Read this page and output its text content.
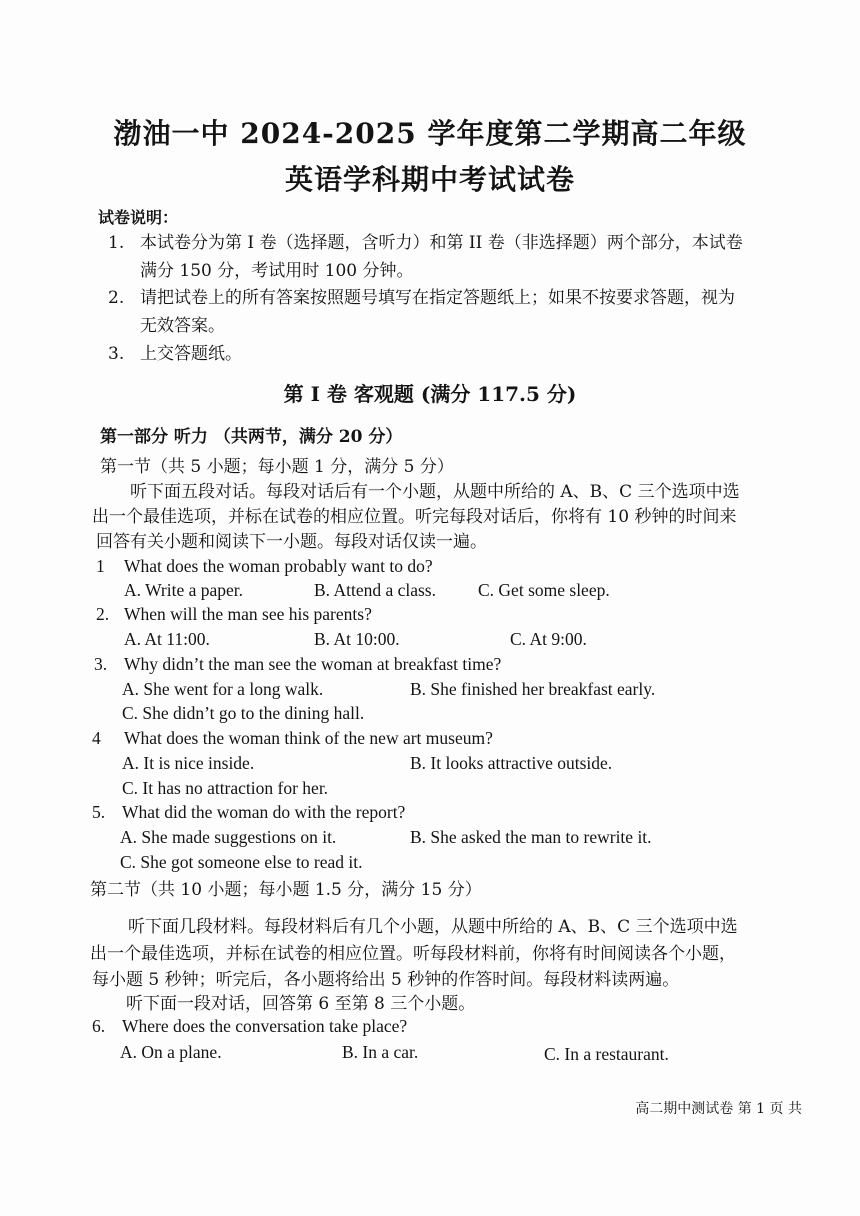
渤油一中 2024-2025 学年度第二学期高二年级
英语学科期中考试试卷
试卷说明：
1. 本试卷分为第 I 卷（选择题，含听力）和第 II 卷（非选择题）两个部分，本试卷
满分 150 分，考试用时 100 分钟。
2. 请把试卷上的所有答案按照题号填写在指定答题纸上；如果不按要求答题，视为
无效答案。
3. 上交答题纸。
第 I 卷 客观题 (满分 117.5 分)
第一部分 听力 （共两节，满分 20 分）
第一节（共 5 小题；每小题 1 分，满分 5 分）
听下面五段对话。每段对话后有一个小题，从题中所给的 A、B、C 三个选项中选
出一个最佳选项，并标在试卷的相应位置。听完每段对话后，你将有 10 秒钟的时间来
回答有关小题和阅读下一小题。每段对话仅读一遍。
1 What does the woman probably want to do?
A. Write a paper.	B. Attend a class. C. Get some sleep.
2. When will the man see his parents?
A. At 11:00.	B. At 10:00.	C. At 9:00.
3. Why didn’t the man see the woman at breakfast time?
A. She went for a long walk.	B. She finished her breakfast early.
C. She didn’t go to the dining hall.
4 What does the woman think of the new art museum?
A. It is nice inside.	B. It looks attractive outside.
C. It has no attraction for her.
5. What did the woman do with the report?
A. She made suggestions on it.	B. She asked the man to rewrite it.
C. She got someone else to read it.
第二节（共 10 小题；每小题 1.5 分，满分 15 分）
听下面几段材料。每段材料后有几个小题，从题中所给的 A、B、C 三个选项中选
出一个最佳选项，并标在试卷的相应位置。听每段材料前，你将有时间阅读各个小题，
每小题 5 秒钟；听完后，各小题将给出 5 秒钟的作答时间。每段材料读两遍。
听下面一段对话，回答第 6 至第 8 三个小题。
6. Where does the conversation take place?
A. On a plane.	B. In a car.	C. In a restaurant.
高二期中测试卷 第 1 页 共
